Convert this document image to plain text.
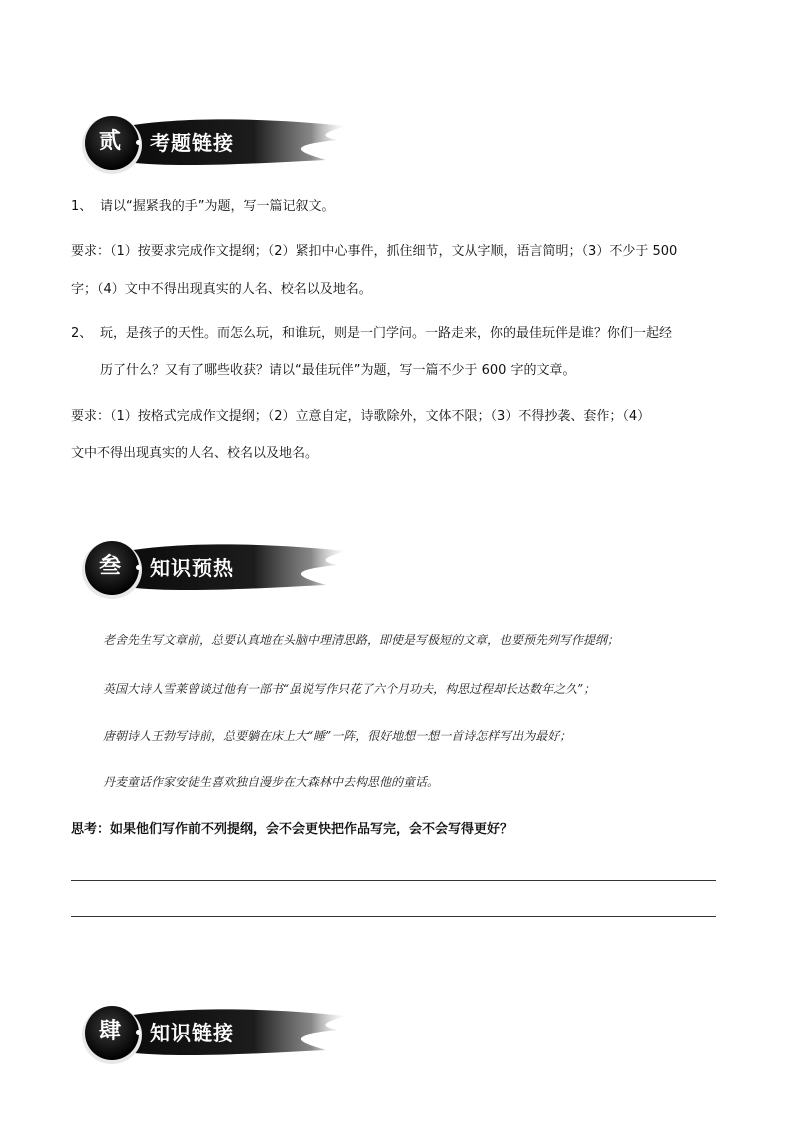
贰	考题链接
1、 请以“握紧我的手”为题，写一篇记叙文。
要求：（1）按要求完成作文提纲；（2）紧扣中心事件，抓住细节，文从字顺，语言简明；（3）不少于 500
字；（4）文中不得出现真实的人名、校名以及地名。
2、 玩，是孩子的天性。而怎么玩，和谁玩，则是一门学问。一路走来，你的最佳玩伴是谁？你们一起经
历了什么？又有了哪些收获？请以“最佳玩伴”为题，写一篇不少于 600 字的文章。
要求：（1）按格式完成作文提纲；（2）立意自定，诗歌除外，文体不限；（3）不得抄袭、套作；（4）
文中不得出现真实的人名、校名以及地名。
叁	知识预热
老舍先生写文章前，总要认真地在头脑中理清思路，即使是写极短的文章，也要预先列写作提纲；
英国大诗人雪莱曾谈过他有一部书“虽说写作只花了六个月功夫，构思过程却长达数年之久”；
唐朝诗人王勃写诗前，总要躺在床上大“睡”一阵，很好地想一想一首诗怎样写出为最好；
丹麦童话作家安徒生喜欢独自漫步在大森林中去构思他的童话。
思考：如果他们写作前不列提纲，会不会更快把作品写完，会不会写得更好？
肆	知识链接
